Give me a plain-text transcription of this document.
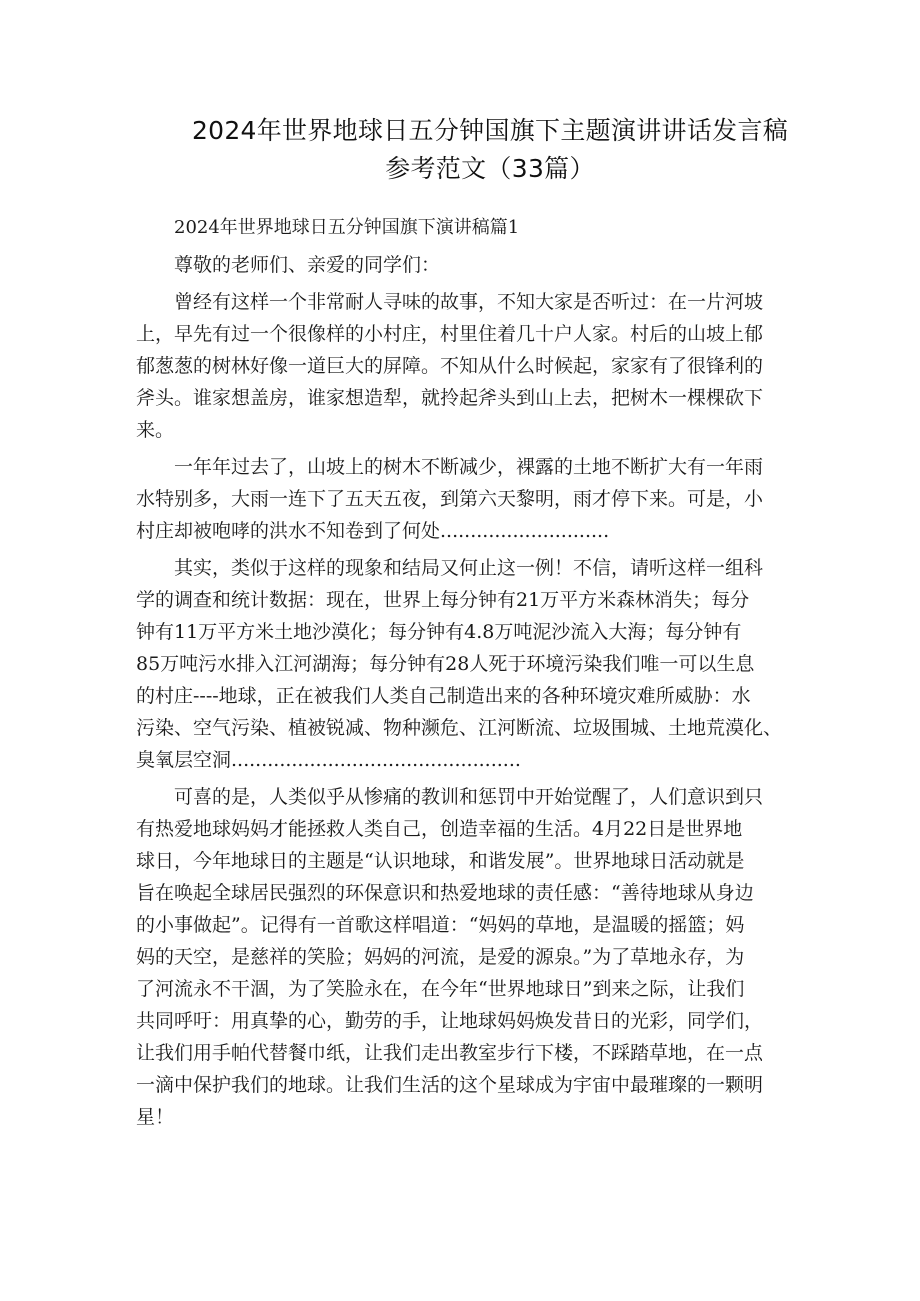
2024年世界地球日五分钟国旗下主题演讲讲话发言稿
参考范文（33篇）
2024年世界地球日五分钟国旗下演讲稿篇1
尊敬的老师们、亲爱的同学们：
曾经有这样一个非常耐人寻味的故事，不知大家是否听过：在一片河坡
上，早先有过一个很像样的小村庄，村里住着几十户人家。村后的山坡上郁
郁葱葱的树林好像一道巨大的屏障。不知从什么时候起，家家有了很锋利的
斧头。谁家想盖房，谁家想造犁，就拎起斧头到山上去，把树木一棵棵砍下
来。
一年年过去了，山坡上的树木不断减少，裸露的土地不断扩大有一年雨
水特别多，大雨一连下了五天五夜，到第六天黎明，雨才停下来。可是，小
村庄却被咆哮的洪水不知卷到了何处............................
其实，类似于这样的现象和结局又何止这一例！不信，请听这样一组科
学的调查和统计数据：现在，世界上每分钟有21万平方米森林消失；每分
钟有11万平方米土地沙漠化；每分钟有4.8万吨泥沙流入大海；每分钟有
85万吨污水排入江河湖海；每分钟有28人死于环境污染我们唯一可以生息
的村庄----地球，正在被我们人类自己制造出来的各种环境灾难所威胁：水
污染、空气污染、植被锐减、物种濒危、江河断流、垃圾围城、土地荒漠化、
臭氧层空洞................................................
可喜的是，人类似乎从惨痛的教训和惩罚中开始觉醒了，人们意识到只
有热爱地球妈妈才能拯救人类自己，创造幸福的生活。4月22日是世界地
球日，今年地球日的主题是“认识地球，和谐发展”。世界地球日活动就是
旨在唤起全球居民强烈的环保意识和热爱地球的责任感：“善待地球从身边
的小事做起”。记得有一首歌这样唱道：“妈妈的草地，是温暖的摇篮；妈
妈的天空，是慈祥的笑脸；妈妈的河流，是爱的源泉。”为了草地永存，为
了河流永不干涸，为了笑脸永在，在今年“世界地球日”到来之际，让我们
共同呼吁：用真挚的心，勤劳的手，让地球妈妈焕发昔日的光彩，同学们，
让我们用手帕代替餐巾纸，让我们走出教室步行下楼，不踩踏草地，在一点
一滴中保护我们的地球。让我们生活的这个星球成为宇宙中最璀璨的一颗明
星！
